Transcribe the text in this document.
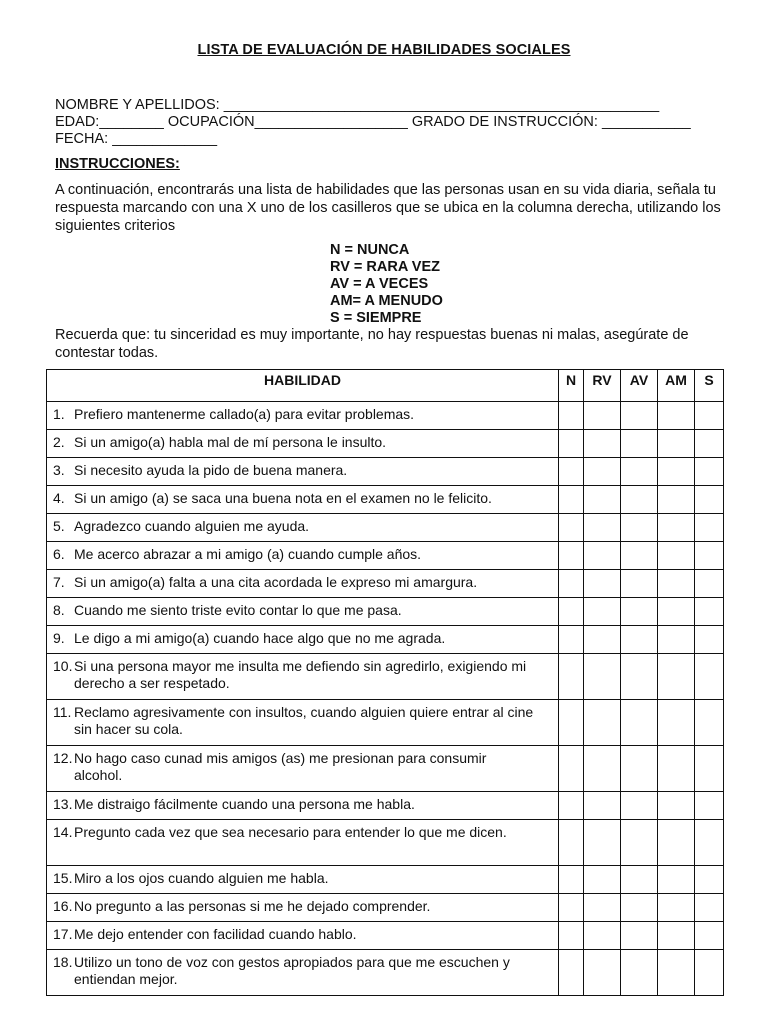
LISTA DE EVALUACIÓN DE HABILIDADES SOCIALES
NOMBRE Y APELLIDOS: ______________________________________________________
EDAD:________ OCUPACIÓN___________________ GRADO DE INSTRUCCIÓN: ___________
FECHA: _____________
INSTRUCCIONES:
A continuación, encontrarás una lista de habilidades que las personas usan en su vida diaria, señala tu respuesta marcando con una X uno de los casilleros que se ubica en la columna derecha, utilizando los siguientes criterios
N = NUNCA
RV = RARA VEZ
AV = A VECES
AM= A MENUDO
S = SIEMPRE
Recuerda que: tu sinceridad es muy importante, no hay respuestas buenas ni malas, asegúrate de contestar todas.
HABILIDAD	N	RV	AV	AM	S
1. Prefiero mantenerme callado(a) para evitar problemas.					
2. Si un amigo(a) habla mal de mí persona le insulto.					
3. Si necesito ayuda la pido de buena manera.					
4. Si un amigo (a) se saca una buena nota en el examen no le felicito.					
5. Agradezco cuando alguien me ayuda.					
6. Me acerco abrazar a mi amigo (a) cuando cumple años.					
7. Si un amigo(a) falta a una cita acordada le expreso mi amargura.					
8. Cuando me siento triste evito contar lo que me pasa.					
9. Le digo a mi amigo(a) cuando hace algo que no me agrada.					
10. Si una persona mayor me insulta me defiendo sin agredirlo, exigiendo mi derecho a ser respetado.					
11. Reclamo agresivamente con insultos, cuando alguien quiere entrar al cine sin hacer su cola.					
12. No hago caso cunad mis amigos (as) me presionan para consumir alcohol.					
13. Me distraigo fácilmente cuando una persona me habla.					
14. Pregunto cada vez que sea necesario para entender lo que me dicen.					
15. Miro a los ojos cuando alguien me habla.					
16. No pregunto a las personas si me he dejado comprender.					
17. Me dejo entender con facilidad cuando hablo.					
18. Utilizo un tono de voz con gestos apropiados para que me escuchen y entiendan mejor.					
